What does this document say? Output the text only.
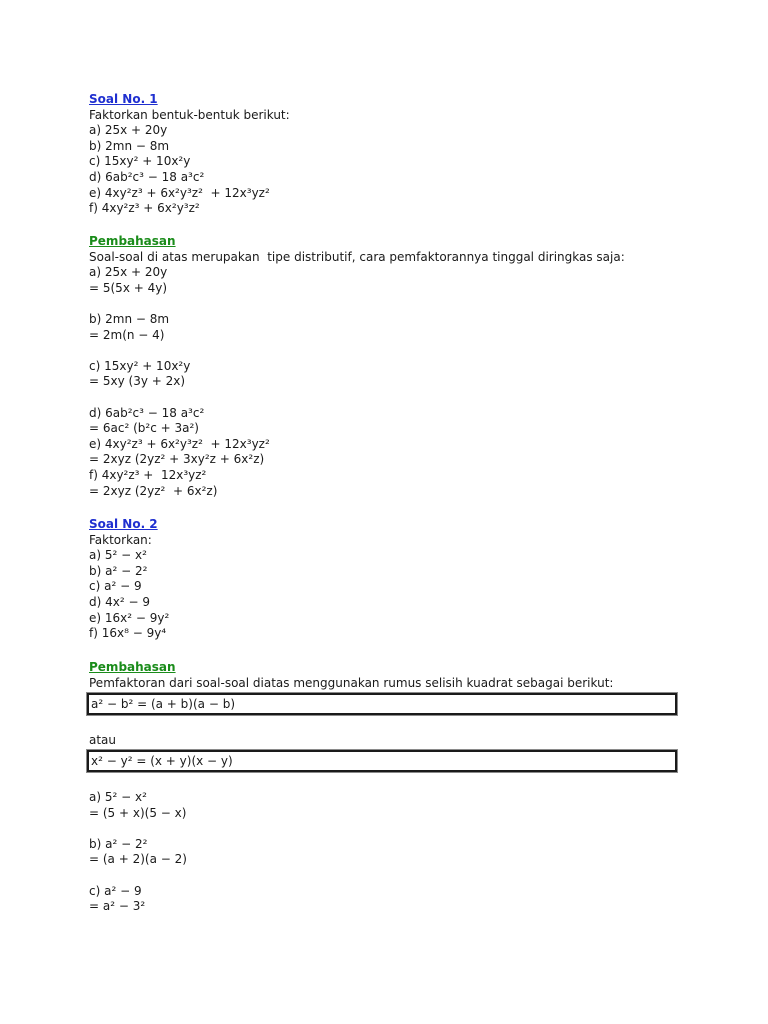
Soal No. 1
Faktorkan bentuk-bentuk berikut:
a) 25x + 20y
b) 2mn − 8m
c) 15xy² + 10x²y
d) 6ab²c³ − 18 a³c²
e) 4xy²z³ + 6x²y³z²  + 12x³yz²
f) 4xy²z³ + 6x²y³z²
Pembahasan
Soal-soal di atas merupakan  tipe distributif, cara pemfaktorannya tinggal diringkas saja:
a) 25x + 20y
= 5(5x + 4y)
b) 2mn − 8m
= 2m(n − 4)
c) 15xy² + 10x²y
= 5xy (3y + 2x)
d) 6ab²c³ − 18 a³c²
= 6ac² (b²c + 3a²)
e) 4xy²z³ + 6x²y³z²  + 12x³yz²
= 2xyz (2yz² + 3xy²z + 6x²z)
f) 4xy²z³ +  12x³yz²
= 2xyz (2yz²  + 6x²z)
Soal No. 2
Faktorkan:
a) 5² − x²
b) a² − 2²
c) a² − 9
d) 4x² − 9
e) 16x² − 9y²
f) 16x⁸ − 9y⁴
Pembahasan
Pemfaktoran dari soal-soal diatas menggunakan rumus selisih kuadrat sebagai berikut:
a² − b² = (a + b)(a − b)
atau
x² − y² = (x + y)(x − y)
a) 5² − x²
= (5 + x)(5 − x)
b) a² − 2²
= (a + 2)(a − 2)
c) a² − 9
= a² − 3²
